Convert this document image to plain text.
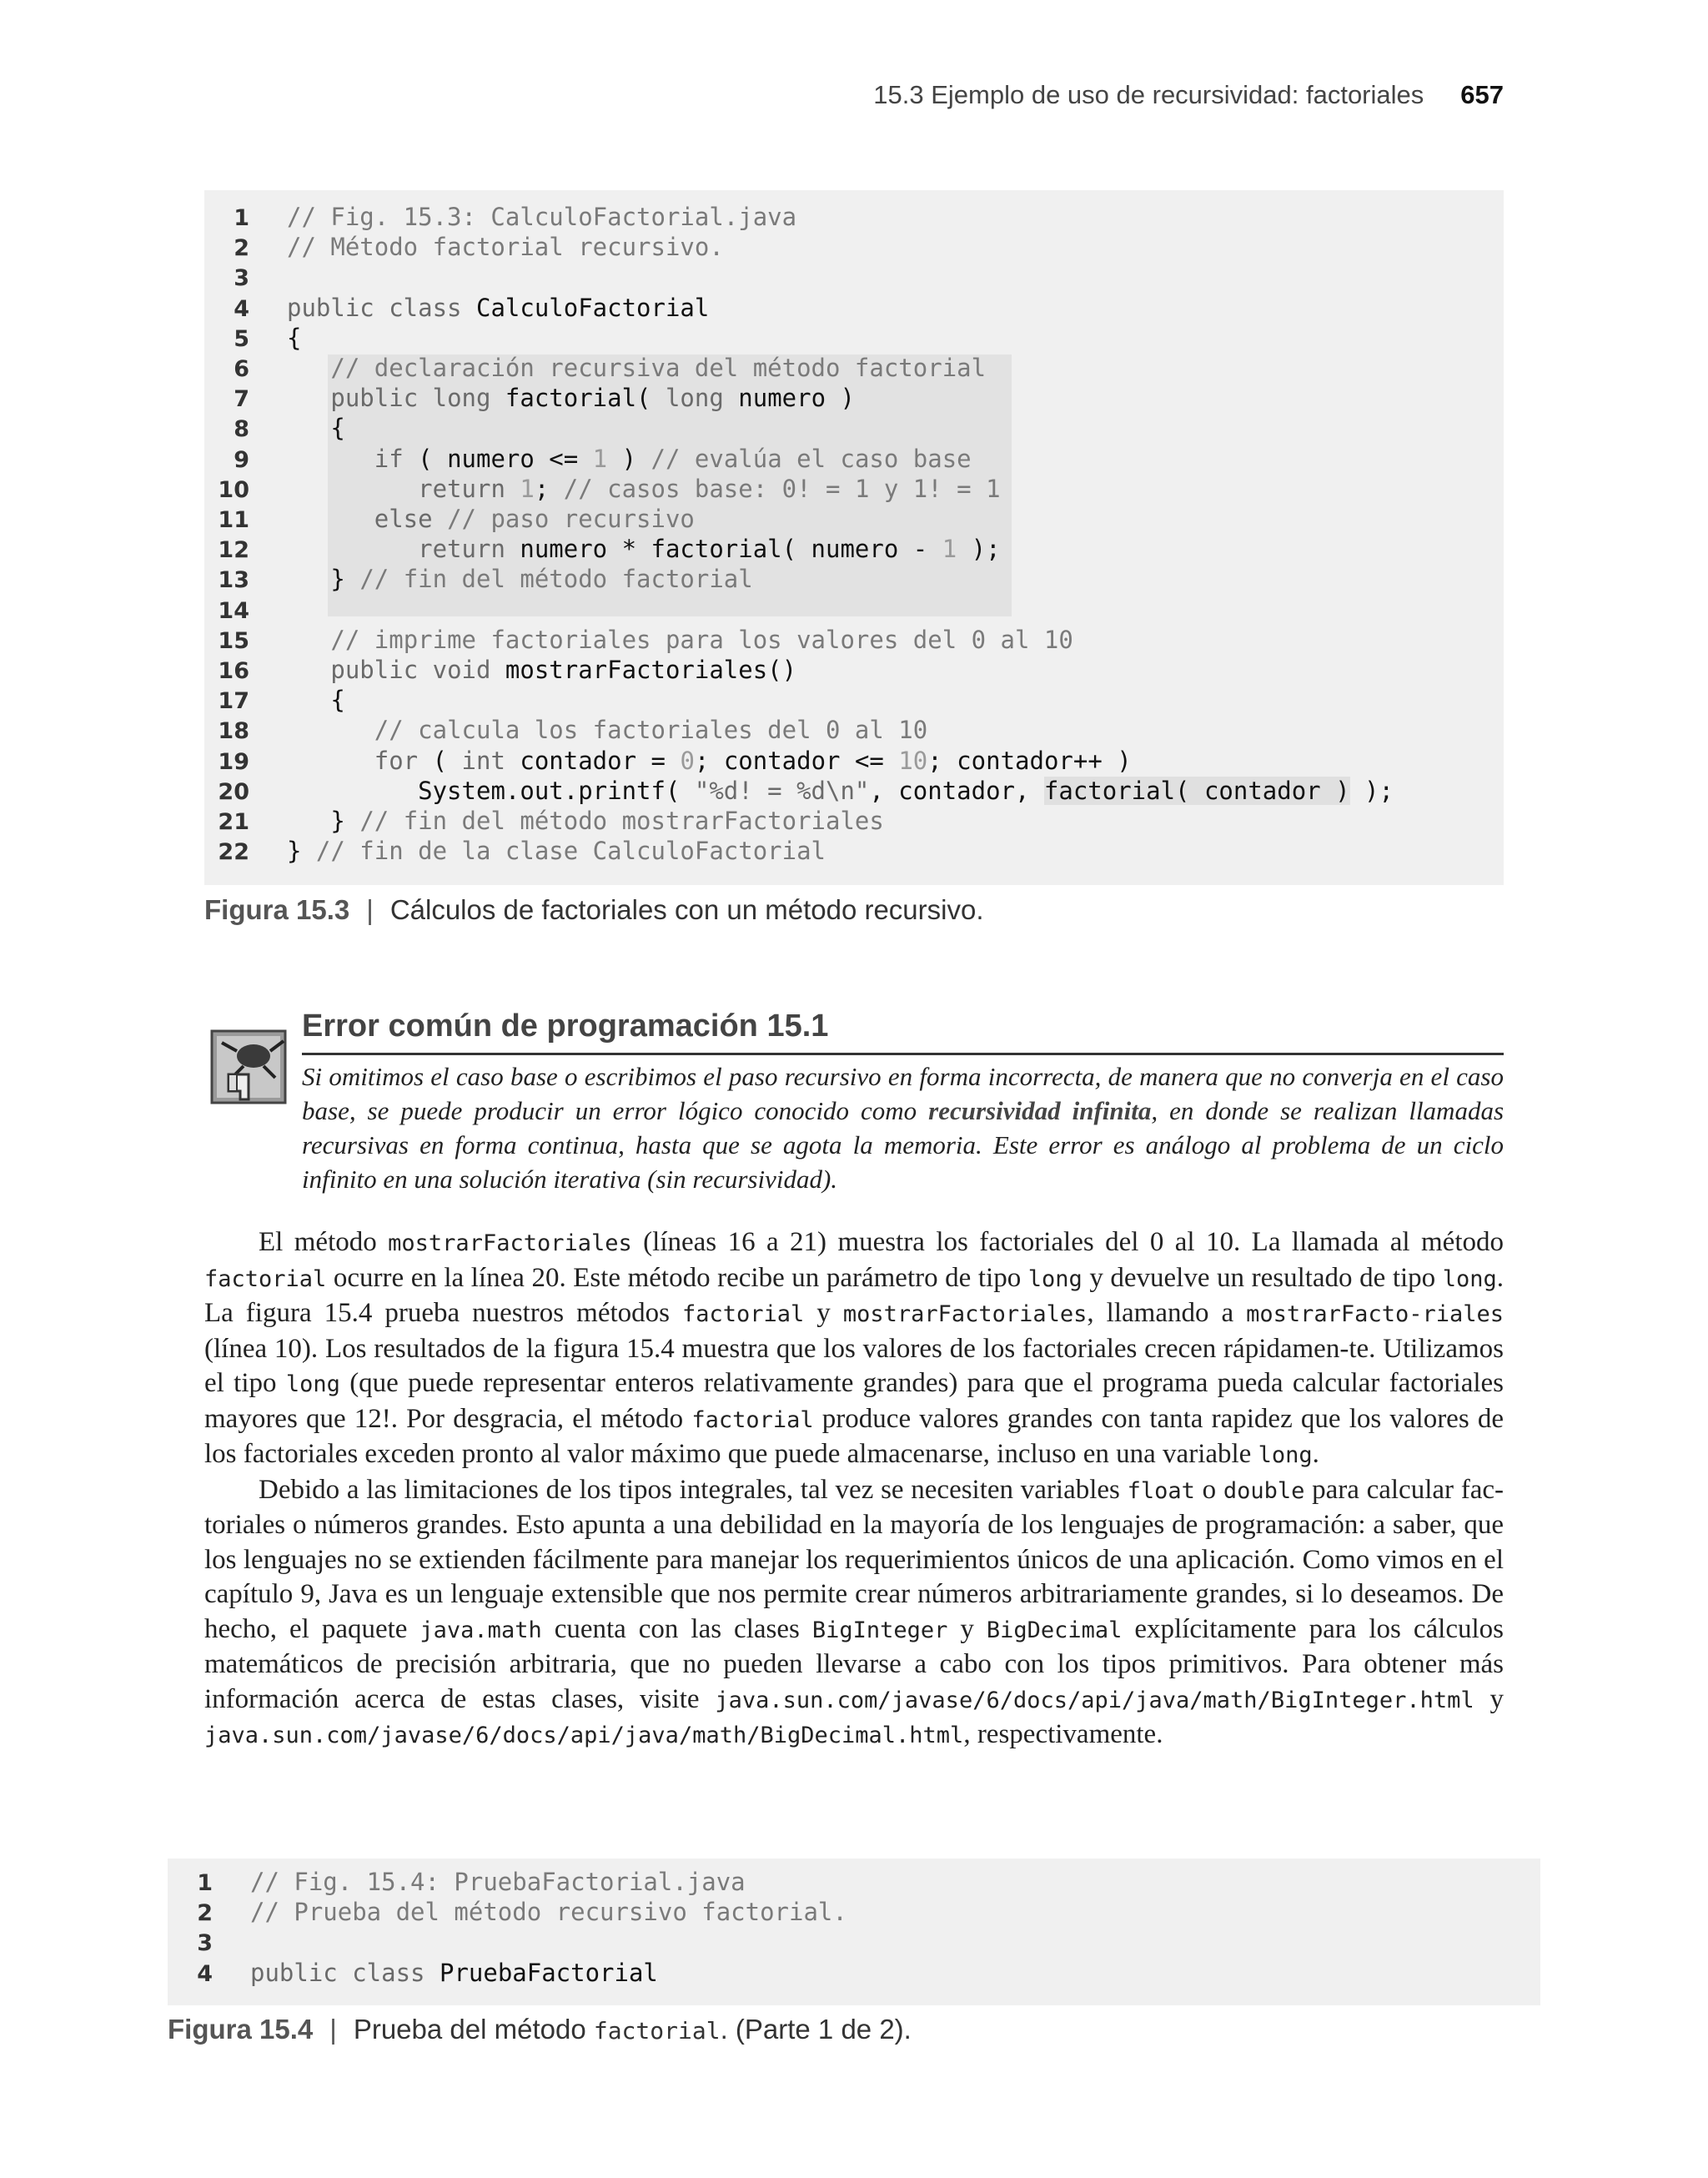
15.3 Ejemplo de uso de recursividad: factoriales 657
1 // Fig. 15.3: CalculoFactorial.java
2 // Método factorial recursivo.
3
4 public class CalculoFactorial
5 {
6	// declaración recursiva del método factorial
7	public long factorial( long numero )
8	{
9	if ( numero <= 1 ) // evalúa el caso base
10	return 1; // casos base: 0! = 1 y 1! = 1
11	else // paso recursivo
12	return numero * factorial( numero - 1 );
13	} // fin del método factorial
14
15	// imprime factoriales para los valores del 0 al 10
16	public void mostrarFactoriales()
17	{
18	// calcula los factoriales del 0 al 10
19	for ( int contador = 0; contador <= 10; contador++ )
20	System.out.printf( "%d! = %d\n", contador, factorial( contador ) );
21	} // fin del método mostrarFactoriales
22 } // fin de la clase CalculoFactorial
Figura 15.3 | Cálculos de factoriales con un método recursivo.
Error común de programación 15.1
Si omitimos el caso base o escribimos el paso recursivo en forma incorrecta, de manera que no converja en el caso base, se puede producir un error lógico conocido como recursividad infinita, en donde se realizan llamadas recursivas en forma continua, hasta que se agota la memoria. Este error es análogo al problema de un ciclo infinito en una solución iterativa (sin recursividad).

El método mostrarFactoriales (líneas 16 a 21) muestra los factoriales del 0 al 10. La llamada al método factorial ocurre en la línea 20. Este método recibe un parámetro de tipo long y devuelve un resultado de tipo long. La figura 15.4 prueba nuestros métodos factorial y mostrarFactoriales, llamando a mostrarFacto-riales (línea 10). Los resultados de la figura 15.4 muestra que los valores de los factoriales crecen rápidamen-te. Utilizamos el tipo long (que puede representar enteros relativamente grandes) para que el programa pueda calcular factoriales mayores que 12!. Por desgracia, el método factorial produce valores grandes con tanta rapidez que los valores de los factoriales exceden pronto al valor máximo que puede almacenarse, incluso en una variable long.

Debido a las limitaciones de los tipos integrales, tal vez se necesiten variables float o double para calcular fac-toriales o números grandes. Esto apunta a una debilidad en la mayoría de los lenguajes de programación: a saber, que los lenguajes no se extienden fácilmente para manejar los requerimientos únicos de una aplicación. Como vimos en el capítulo 9, Java es un lenguaje extensible que nos permite crear números arbitrariamente grandes, si lo deseamos. De hecho, el paquete java.math cuenta con las clases BigInteger y BigDecimal explícitamente para los cálculos matemáticos de precisión arbitraria, que no pueden llevarse a cabo con los tipos primitivos. Para obtener más información acerca de estas clases, visite java.sun.com/javase/6/docs/api/java/math/BigInteger.html y java.sun.com/javase/6/docs/api/java/math/BigDecimal.html, respectivamente.

1 // Fig. 15.4: PruebaFactorial.java
2 // Prueba del método recursivo factorial.
3
4 public class PruebaFactorial
Figura 15.4 | Prueba del método factorial. (Parte 1 de 2).
